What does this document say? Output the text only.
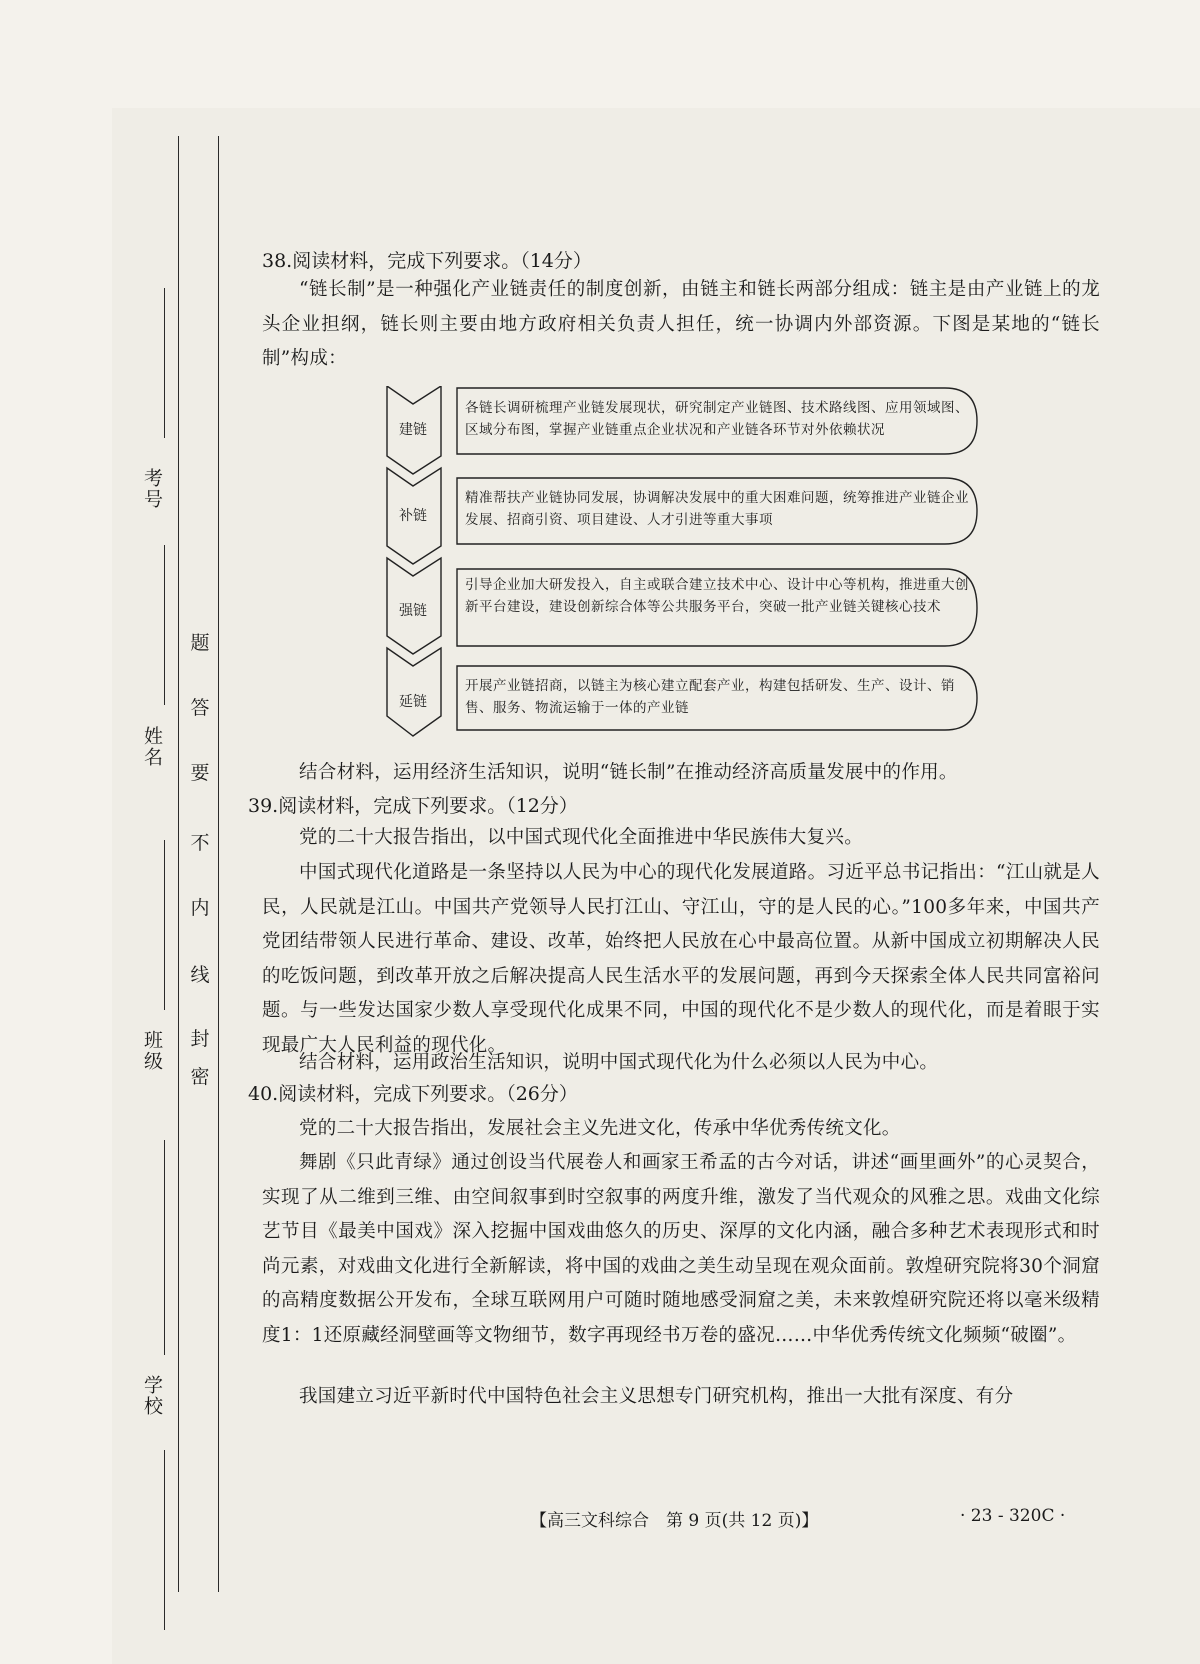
考号
姓名
班级
学校
题
答
要
不
内
线
封
密
38.阅读材料，完成下列要求。（14分）
“链长制”是一种强化产业链责任的制度创新，由链主和链长两部分组成：链主是由产业链上的龙头企业担纲，链长则主要由地方政府相关负责人担任，统一协调内外部资源。下图是某地的“链长制”构成：
建链
各链长调研梳理产业链发展现状，研究制定产业链图、技术路线图、应用领域图、区域分布图，掌握产业链重点企业状况和产业链各环节对外依赖状况
补链
精准帮扶产业链协同发展，协调解决发展中的重大困难问题，统筹推进产业链企业发展、招商引资、项目建设、人才引进等重大事项
强链
引导企业加大研发投入，自主或联合建立技术中心、设计中心等机构，推进重大创新平台建设，建设创新综合体等公共服务平台，突破一批产业链关键核心技术
延链
开展产业链招商，以链主为核心建立配套产业，构建包括研发、生产、设计、销售、服务、物流运输于一体的产业链
结合材料，运用经济生活知识，说明“链长制”在推动经济高质量发展中的作用。
39.阅读材料，完成下列要求。（12分）
党的二十大报告指出，以中国式现代化全面推进中华民族伟大复兴。
中国式现代化道路是一条坚持以人民为中心的现代化发展道路。习近平总书记指出：“江山就是人民，人民就是江山。中国共产党领导人民打江山、守江山，守的是人民的心。”100多年来，中国共产党团结带领人民进行革命、建设、改革，始终把人民放在心中最高位置。从新中国成立初期解决人民的吃饭问题，到改革开放之后解决提高人民生活水平的发展问题，再到今天探索全体人民共同富裕问题。与一些发达国家少数人享受现代化成果不同，中国的现代化不是少数人的现代化，而是着眼于实现最广大人民利益的现代化。
结合材料，运用政治生活知识，说明中国式现代化为什么必须以人民为中心。
40.阅读材料，完成下列要求。（26分）
党的二十大报告指出，发展社会主义先进文化，传承中华优秀传统文化。
舞剧《只此青绿》通过创设当代展卷人和画家王希孟的古今对话，讲述“画里画外”的心灵契合，实现了从二维到三维、由空间叙事到时空叙事的两度升维，激发了当代观众的风雅之思。戏曲文化综艺节目《最美中国戏》深入挖掘中国戏曲悠久的历史、深厚的文化内涵，融合多种艺术表现形式和时尚元素，对戏曲文化进行全新解读，将中国的戏曲之美生动呈现在观众面前。敦煌研究院将30个洞窟的高精度数据公开发布，全球互联网用户可随时随地感受洞窟之美，未来敦煌研究院还将以毫米级精度1：1还原藏经洞壁画等文物细节，数字再现经书万卷的盛况……中华优秀传统文化频频“破圈”。
我国建立习近平新时代中国特色社会主义思想专门研究机构，推出一大批有深度、有分
【高三文科综合　第 9 页(共 12 页)】	· 23 - 320C ·
